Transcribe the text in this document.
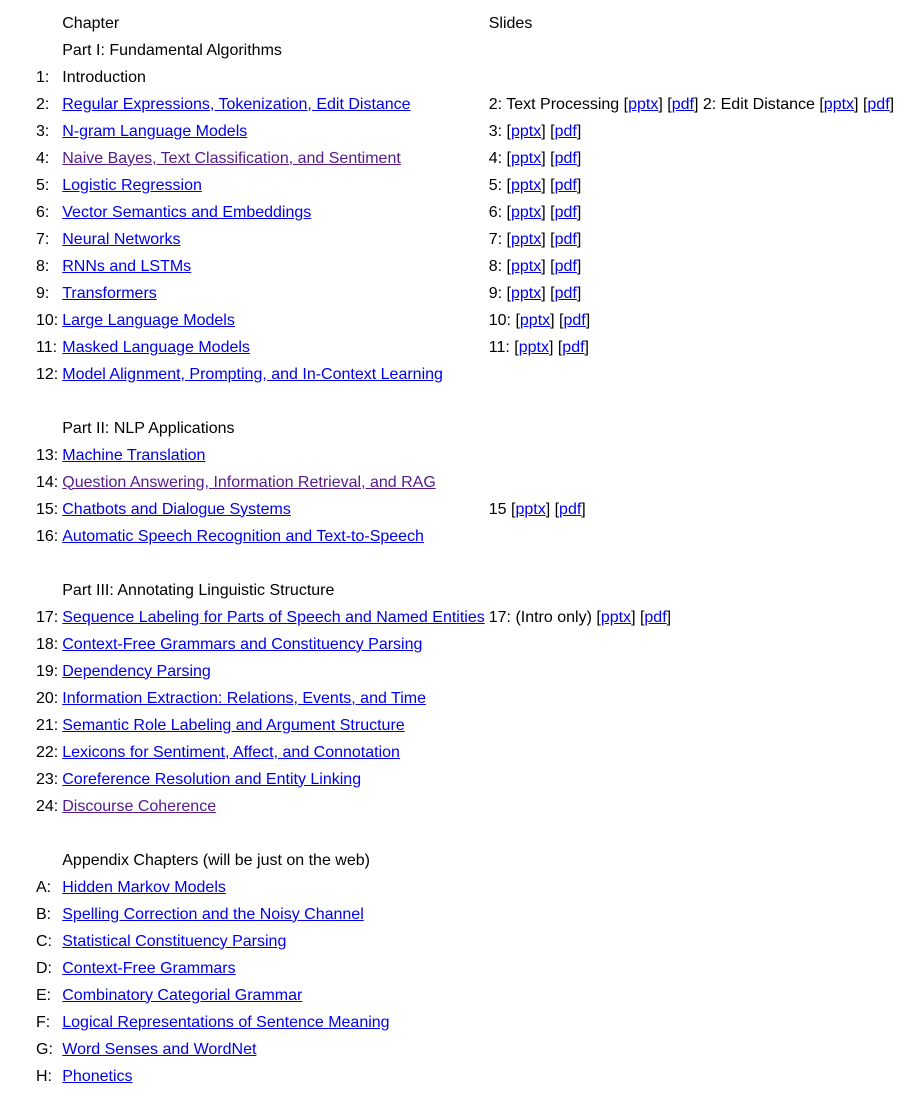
	Chapter	Slides
	Part I: Fundamental Algorithms	
1:	Introduction	
2:	Regular Expressions, Tokenization, Edit Distance	2: Text Processing [pptx] [pdf] 2: Edit Distance [pptx] [pdf]
3:	N-gram Language Models	3: [pptx] [pdf]
4:	Naive Bayes, Text Classification, and Sentiment	4: [pptx] [pdf]
5:	Logistic Regression	5: [pptx] [pdf]
6:	Vector Semantics and Embeddings	6: [pptx] [pdf]
7:	Neural Networks	7: [pptx] [pdf]
8:	RNNs and LSTMs	8: [pptx] [pdf]
9:	Transformers	9: [pptx] [pdf]
10:	Large Language Models	10: [pptx] [pdf]
11:	Masked Language Models	11: [pptx] [pdf]
12:	Model Alignment, Prompting, and In-Context Learning	

	Part II: NLP Applications	
13:	Machine Translation	
14:	Question Answering, Information Retrieval, and RAG	
15:	Chatbots and Dialogue Systems	15 [pptx] [pdf]
16:	Automatic Speech Recognition and Text-to-Speech	

	Part III: Annotating Linguistic Structure	
17:	Sequence Labeling for Parts of Speech and Named Entities	17: (Intro only) [pptx] [pdf]
18:	Context-Free Grammars and Constituency Parsing	
19:	Dependency Parsing	
20:	Information Extraction: Relations, Events, and Time	
21:	Semantic Role Labeling and Argument Structure	
22:	Lexicons for Sentiment, Affect, and Connotation	
23:	Coreference Resolution and Entity Linking	
24:	Discourse Coherence	

	Appendix Chapters (will be just on the web)	
A:	Hidden Markov Models	
B:	Spelling Correction and the Noisy Channel	
C:	Statistical Constituency Parsing	
D:	Context-Free Grammars	
E:	Combinatory Categorial Grammar	
F:	Logical Representations of Sentence Meaning	
G:	Word Senses and WordNet	
H:	Phonetics	
